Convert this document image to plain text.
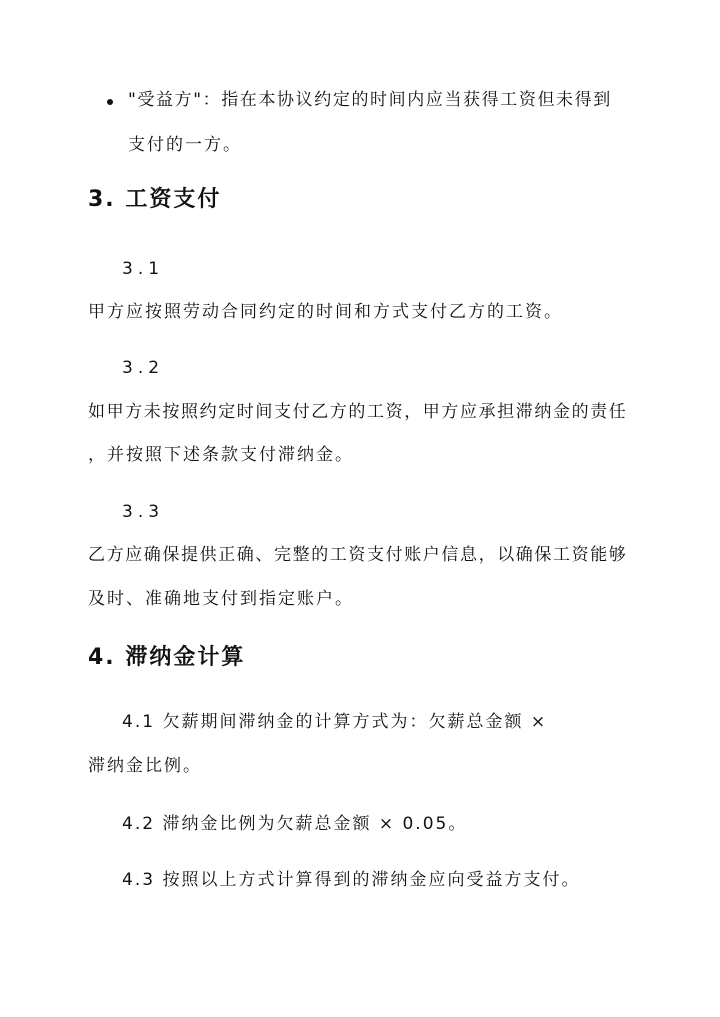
"受益方"：指在本协议约定的时间内应当获得工资但未得到
支付的一方。
3. 工资支付
3.1
甲方应按照劳动合同约定的时间和方式支付乙方的工资。
3.2
如甲方未按照约定时间支付乙方的工资，甲方应承担滞纳金的责任
，并按照下述条款支付滞纳金。
3.3
乙方应确保提供正确、完整的工资支付账户信息，以确保工资能够
及时、准确地支付到指定账户。
4. 滞纳金计算
4.1 欠薪期间滞纳金的计算方式为：欠薪总金额 ×
滞纳金比例。
4.2 滞纳金比例为欠薪总金额 × 0.05。
4.3 按照以上方式计算得到的滞纳金应向受益方支付。
